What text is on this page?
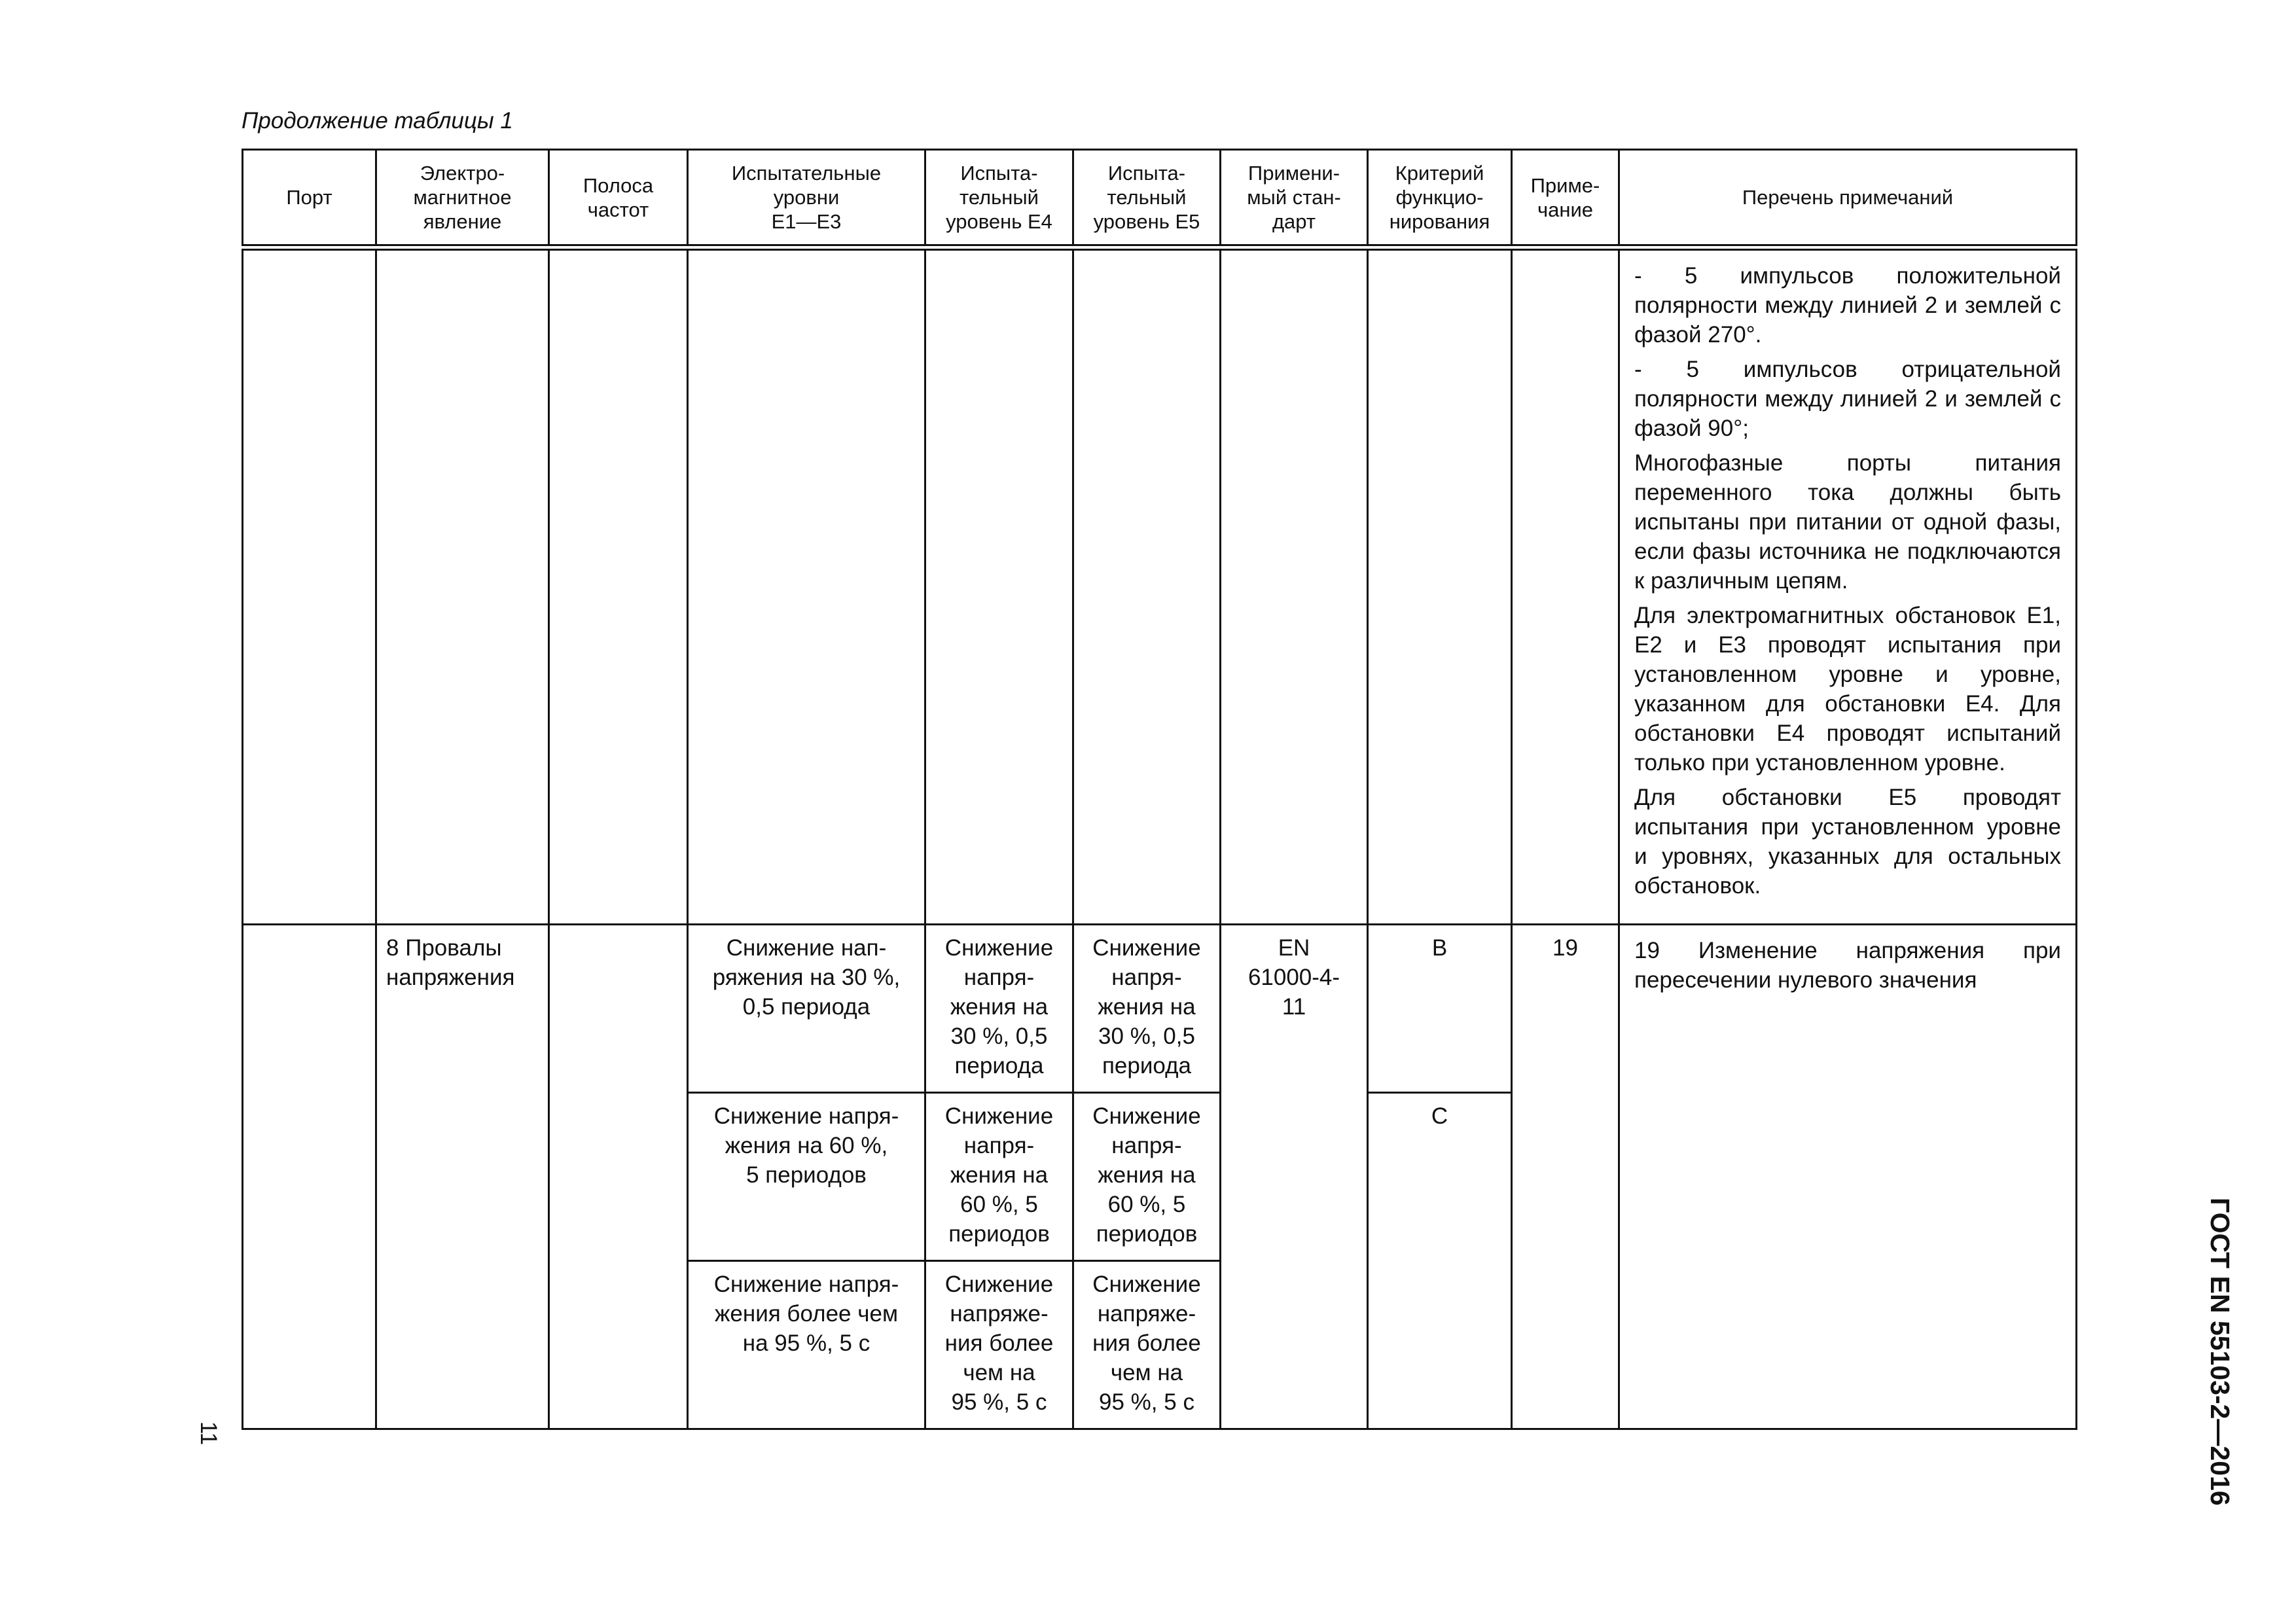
Продолжение таблицы 1
Порт	Электро-
магнитное
явление	Полоса
частот	Испытательные
уровни
Е1—Е3	Испыта-
тельный
уровень Е4	Испыта-
тельный
уровень Е5	Примени-
мый стан-
дарт	Критерий
функцио-
нирования	Приме-
чание	Перечень примечаний

									- 5 импульсов положительной полярности между линией 2 и землей с фазой 270°.

- 5 импульсов отрицательной полярности между линией 2 и землей с фазой 90°;

Многофазные порты питания переменного тока должны быть испытаны при питании от одной фазы, если фазы источника не подключаются к различным цепям.

Для электромагнитных обстановок Е1, Е2 и Е3 проводят испытания при установленном уровне и уровне, указанном для обстановки Е4. Для обстановки Е4 проводят испытаний только при установленном уровне.

Для обстановки Е5 проводят испытания при установленном уровне и уровнях, указанных для остальных обстановок.

	8 Провалы
напряжения		Снижение нап-
ряжения на 30 %,
0,5 периода	Снижение
напря-
жения на
30 %, 0,5
периода	Снижение
напря-
жения на
30 %, 0,5
периода	EN
61000-4-
11	B	19	19 Изменение напряжения при пересечении нулевого значения

			Снижение напря-
жения на 60 %,
5 периодов	Снижение
напря-
жения на
60 %, 5
периодов	Снижение
напря-
жения на
60 %, 5
периодов		C		

			Снижение напря-
жения более чем
на 95 %, 5 с	Снижение
напряже-
ния более
чем на
95 %, 5 с	Снижение
напряже-
ния более
чем на
95 %, 5 с				
11	ГОСТ EN 55103-2—2016
